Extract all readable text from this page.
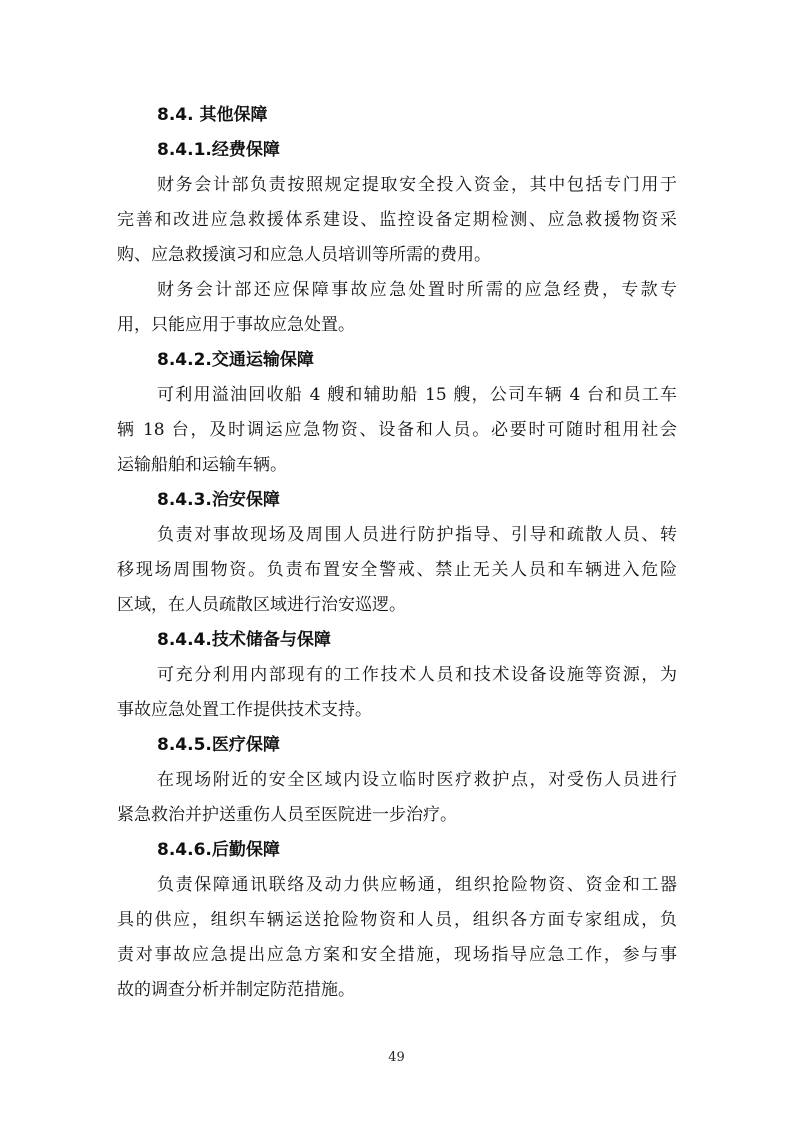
8.4. 其他保障
8.4.1.经费保障

财务会计部负责按照规定提取安全投入资金，其中包括专门用于
完善和改进应急救援体系建设、监控设备定期检测、应急救援物资采
购、应急救援演习和应急人员培训等所需的费用。

财务会计部还应保障事故应急处置时所需的应急经费，专款专
用，只能应用于事故应急处置。

8.4.2.交通运输保障

可利用溢油回收船 4 艘和辅助船 15 艘，公司车辆 4 台和员工车
辆 18 台，及时调运应急物资、设备和人员。必要时可随时租用社会
运输船舶和运输车辆。

8.4.3.治安保障

负责对事故现场及周围人员进行防护指导、引导和疏散人员、转
移现场周围物资。负责布置安全警戒、禁止无关人员和车辆进入危险
区域，在人员疏散区域进行治安巡逻。

8.4.4.技术储备与保障

可充分利用内部现有的工作技术人员和技术设备设施等资源，为
事故应急处置工作提供技术支持。

8.4.5.医疗保障

在现场附近的安全区域内设立临时医疗救护点，对受伤人员进行
紧急救治并护送重伤人员至医院进一步治疗。

8.4.6.后勤保障

负责保障通讯联络及动力供应畅通，组织抢险物资、资金和工器
具的供应，组织车辆运送抢险物资和人员，组织各方面专家组成，负
责对事故应急提出应急方案和安全措施，现场指导应急工作，参与事
故的调查分析并制定防范措施。

49
